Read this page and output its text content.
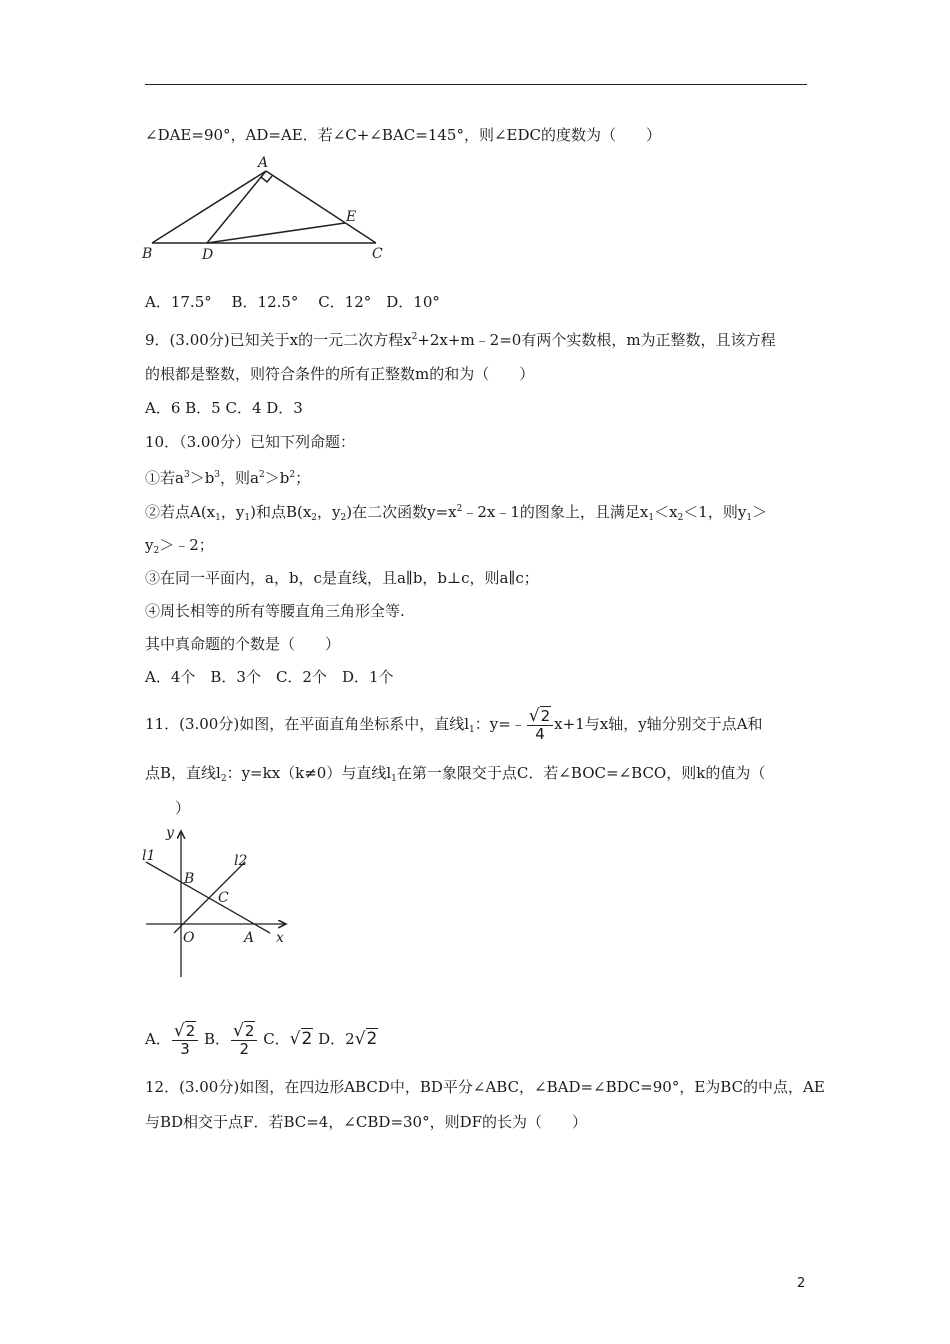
∠DAE=90°，AD=AE．若∠C+∠BAC=145°，则∠EDC的度数为（　　）
A
B	C
D
E
A．17.5°　 B．12.5°　 C．12°　D．10°
9．(3.00分)已知关于x的一元二次方程$x^2+2x+m﹣2=0$有两个实数根，m为正整数，且该方程
的根都是整数，则符合条件的所有正整数m的和为（　　）
A．6 B．5 C．4 D．3
10．（3.00分）已知下列命题：
①若$a^3>b^3$，则$a^2>b^2$；
②若点$A(x_1$，$y_1$)和点$B(x_2$，$y_2$)在二次函数$y=x^2﹣2x﹣1$的图象上，且满足$x_1<x_2<1$，则$y_1>$
$y_2>﹣2$；
③在同一平面内，a，b，c是直线，且a∥b，b⊥c，则a∥c；
④周长相等的所有等腰直角三角形全等.
其中真命题的个数是（　　）
A．4个　B．3个　C．2个　D．1个
11．(3.00分)如图，在平面直角坐标系中，直线$l_1$：y=﹣ $\frac{√2}{4} x+1$与x轴，y轴分别交于点A和
点B，直线$l_2$：y=kx（k≠0）与直线$l_1$在第一象限交于点C．若∠BOC=∠BCO，则k的值为（
　　）
y
x
l1	l2
B
C
O	A
A． $\frac{√2}{3}$ B． $\frac{√2}{2}$ C．√2 D．2√2
12．(3.00分)如图，在四边形ABCD中，BD平分∠ABC，∠BAD=∠BDC=90°，E为BC的中点，AE
与BD相交于点F．若BC=4，∠CBD=30°，则DF的长为（　　）
2
